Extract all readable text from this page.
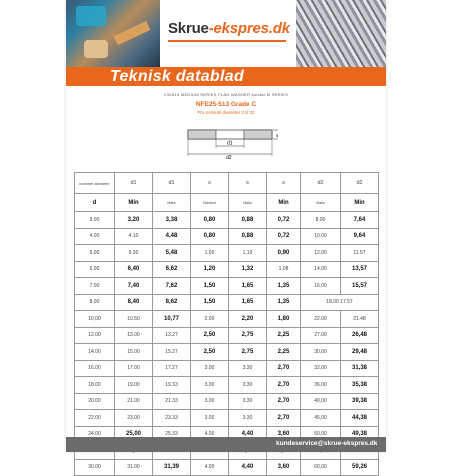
Skrue-ekspres.dk
Teknisk datablad
V30515 MEDIUM SERIES FLAD WASHER kulstøl M SERIES
NFE25-513 Grade C
Pro nominel diameter 3 til 32
s
d1
d2
nominel diameter	d1	d1	s	s	s	d2	d2
d	Min	Maks	Nominel	Maks	Min	Maks	Min
3.00	3,20	3,38	0,80	0,88	0,72	8.00	7,64
4.00	4.10	4,48	0,80	0,88	0,72	10.00	9,64
5.00	5.30	5,48	1.00	1.10	0,90	12.00	11.57
6.00	6,40	6,62	1,20	1,32	1.08	14.00	13,57
7.00	7,40	7,62	1,50	1,65	1,35	16.00	15,57
8.00	8,40	8,62	1,50	1,65	1,35	18.00 17.57	
10,00	10.50	10,77	2.00	2,20	1,80	22.00	21.48
12.00	13.00	13.27	2,50	2,75	2,25	27.00	26,48
14.00	15.00	15.27	2,50	2,75	2,25	30,00	29,48
16.00	17.00	17.27	3.00	3.30	2,70	32,00	31,38
18.00	19.00	19.33	3.00	3.30	2,70	36.00	35,38
20.00	21.00	21.33	3.00	3.30	2,70	40,00	39,38
22.00	23.00	23.33	3.00	3.30	2,70	45,00	44,38
24.00	25,00	25.33	4.00	4,40	3,60	50,00	49,38

30.00	31.00	31,39	4.00	4,40	3,60	60,00	59,26
kundeservice@skrue-ekspres.dk
